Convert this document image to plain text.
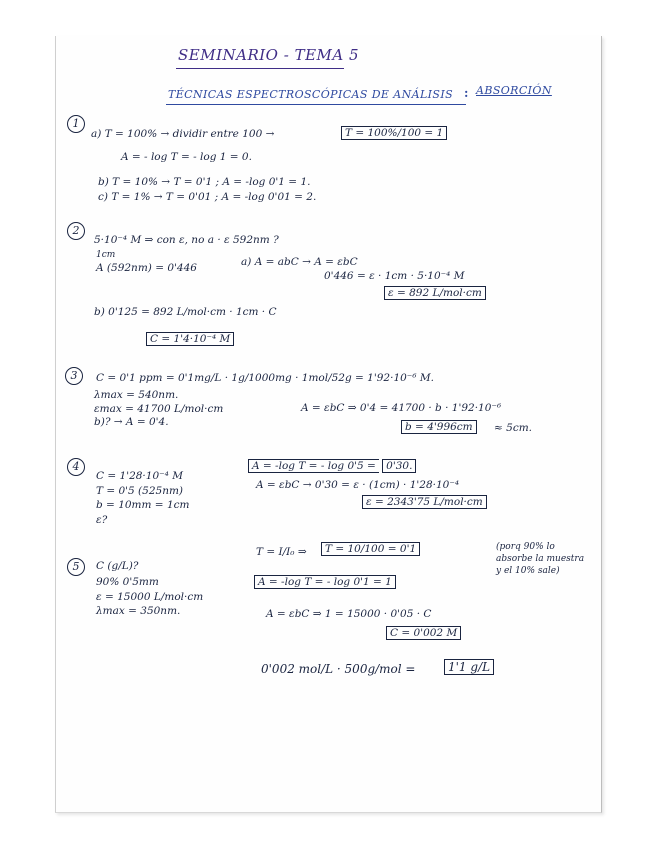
SEMINARIO - TEMA 5
TÉCNICAS ESPECTROSCÓPICAS DE ANÁLISIS : ABSORCIÓN
1
a) T = 100% → dividir entre 100 →	T = 100%/100 = 1
A = - log T = - log 1 = 0.
b) T = 10% → T = 0'1 ; A = -log 0'1 = 1.
c) T = 1% → T = 0'01 ; A = -log 0'01 = 2.
2
5·10⁻⁴ M ⇒ con ε, no a · ε 592nm ?
1cm
A (592nm) = 0'446	a) A = abC → A = εbC
0'446 = ε · 1cm · 5·10⁻⁴ M
ε = 892 L/mol·cm
b) 0'125 = 892 L/mol·cm · 1cm · C
C = 1'4·10⁻⁴ M
3	C = 0'1 ppm = 0'1mg/L · 1g/1000mg · 1mol/52g = 1'92·10⁻⁶ M.
λmax = 540nm.
εmax = 41700 L/mol·cm
b)? → A = 0'4.
A = εbC ⇒ 0'4 = 41700 · b · 1'92·10⁻⁶
b = 4'996cm	≈ 5cm.
4
C = 1'28·10⁻⁴ M
T = 0'5 (525nm)
b = 10mm = 1cm
ε?
A = -log T = - log 0'5 = 0'30.
A = εbC → 0'30 = ε · (1cm) · 1'28·10⁻⁴
ε = 2343'75 L/mol·cm
5	C (g/L)?
90% 0'5mm
ε = 15000 L/mol·cm
λmax = 350nm.
T = I/I₀ ⇒	T = 10/100 = 0'1	(porq 90% lo
absorbe la muestra
y el 10% sale)
A = -log T = - log 0'1 = 1
A = εbC ⇒ 1 = 15000 · 0'05 · C
C = 0'002 M
0'002 mol/L · 500g/mol =	1'1 g/L
